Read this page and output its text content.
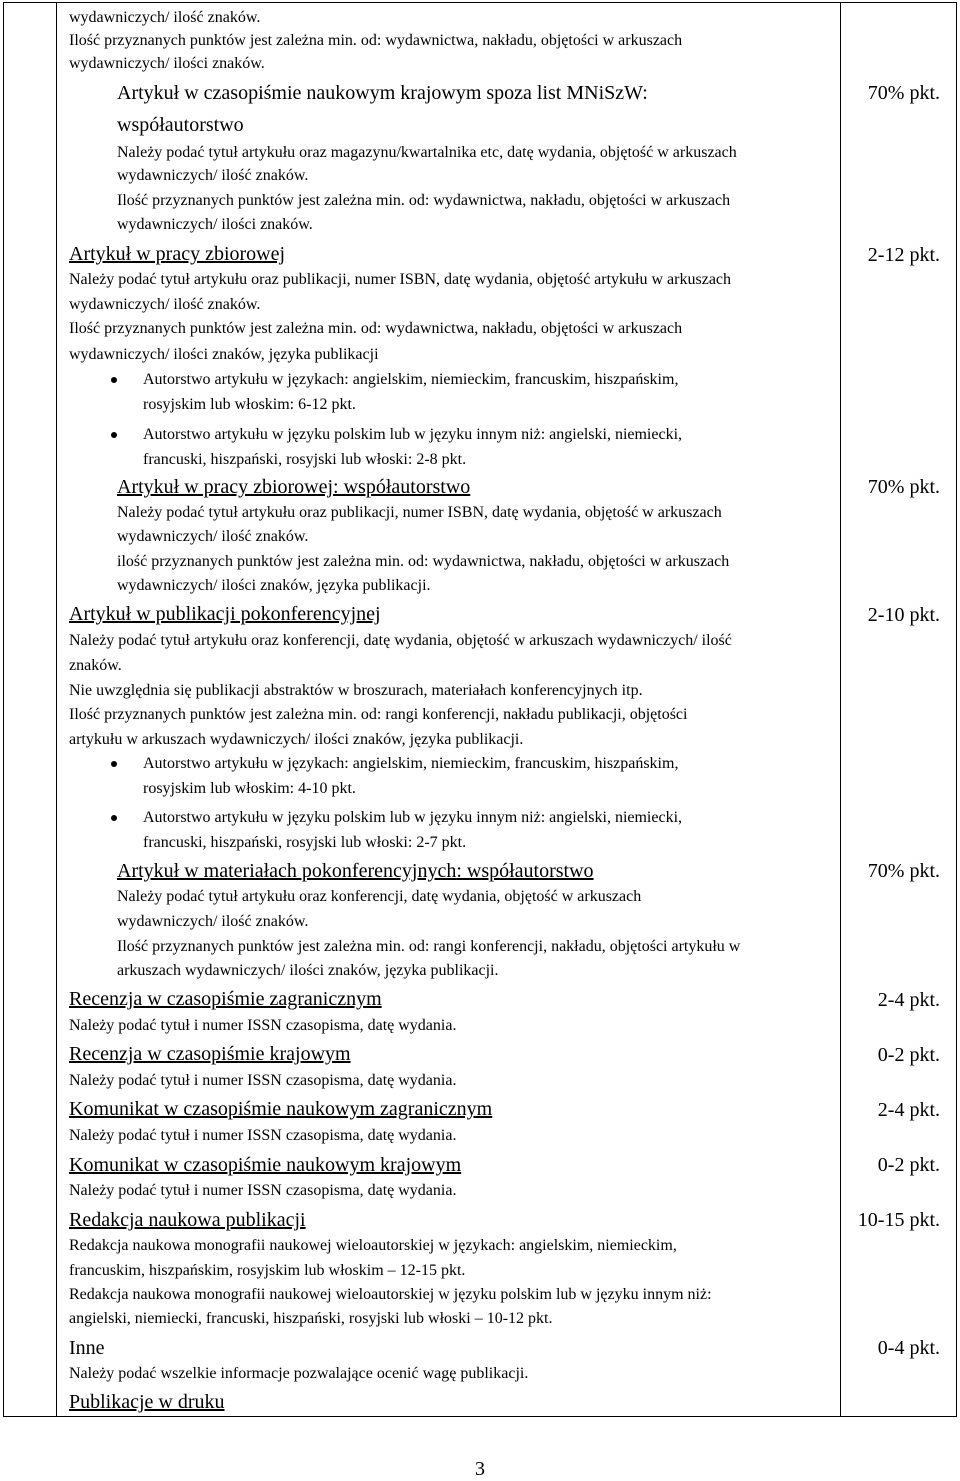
wydawniczych/ ilość znaków.
Ilość przyznanych punktów jest zależna min. od: wydawnictwa, nakładu, objętości w arkuszach
wydawniczych/ ilości znaków.
Artykuł w czasopiśmie naukowym krajowym spoza list MNiSzW:
współautorstwo
Należy podać tytuł artykułu oraz magazynu/kwartalnika etc, datę wydania, objętość w arkuszach
wydawniczych/ ilość znaków.
Ilość przyznanych punktów jest zależna min. od: wydawnictwa, nakładu, objętości w arkuszach
wydawniczych/ ilości znaków.
Artykuł w pracy zbiorowej
Należy podać tytuł artykułu oraz publikacji, numer ISBN, datę wydania, objętość artykułu w arkuszach
wydawniczych/ ilość znaków.
Ilość przyznanych punktów jest zależna min. od: wydawnictwa, nakładu, objętości w arkuszach
wydawniczych/ ilości znaków, języka publikacji
Autorstwo artykułu w językach: angielskim, niemieckim, francuskim, hiszpańskim,
rosyjskim lub włoskim: 6-12 pkt.
Autorstwo artykułu w języku polskim lub w języku innym niż: angielski, niemiecki,
francuski, hiszpański, rosyjski lub włoski: 2-8 pkt.
Artykuł w pracy zbiorowej: współautorstwo
Należy podać tytuł artykułu oraz publikacji, numer ISBN, datę wydania, objętość w arkuszach
wydawniczych/ ilość znaków.
ilość przyznanych punktów jest zależna min. od: wydawnictwa, nakładu, objętości w arkuszach
wydawniczych/ ilości znaków, języka publikacji.
Artykuł w publikacji pokonferencyjnej
Należy podać tytuł artykułu oraz konferencji, datę wydania, objętość w arkuszach wydawniczych/ ilość
znaków.
Nie uwzględnia się publikacji abstraktów w broszurach, materiałach konferencyjnych itp.
Ilość przyznanych punktów jest zależna min. od: rangi konferencji, nakładu publikacji, objętości
artykułu w arkuszach wydawniczych/ ilości znaków, języka publikacji.
Autorstwo artykułu w językach: angielskim, niemieckim, francuskim, hiszpańskim,
rosyjskim lub włoskim: 4-10 pkt.
Autorstwo artykułu w języku polskim lub w języku innym niż: angielski, niemiecki,
francuski, hiszpański, rosyjski lub włoski: 2-7 pkt.
Artykuł w materiałach pokonferencyjnych: współautorstwo
Należy podać tytuł artykułu oraz konferencji, datę wydania, objętość w arkuszach
wydawniczych/ ilość znaków.
Ilość przyznanych punktów jest zależna min. od: rangi konferencji, nakładu, objętości artykułu w
arkuszach wydawniczych/ ilości znaków, języka publikacji.
Recenzja w czasopiśmie zagranicznym
Należy podać tytuł i numer ISSN czasopisma, datę wydania.
Recenzja w czasopiśmie krajowym
Należy podać tytuł i numer ISSN czasopisma, datę wydania.
Komunikat w czasopiśmie naukowym zagranicznym
Należy podać tytuł i numer ISSN czasopisma, datę wydania.
Komunikat w czasopiśmie naukowym krajowym
Należy podać tytuł i numer ISSN czasopisma, datę wydania.
Redakcja naukowa publikacji
Redakcja naukowa monografii naukowej wieloautorskiej w językach: angielskim, niemieckim,
francuskim, hiszpańskim, rosyjskim lub włoskim – 12-15 pkt.
Redakcja naukowa monografii naukowej wieloautorskiej w języku polskim lub w języku innym niż:
angielski, niemiecki, francuski, hiszpański, rosyjski lub włoski – 10-12 pkt.
Inne
Należy podać wszelkie informacje pozwalające ocenić wagę publikacji.
Publikacje w druku
70% pkt.
2-12 pkt.
70% pkt.
2-10 pkt.
70% pkt.
2-4 pkt.
0-2 pkt.
2-4 pkt.
0-2 pkt.
10-15 pkt.
0-4 pkt.
3
